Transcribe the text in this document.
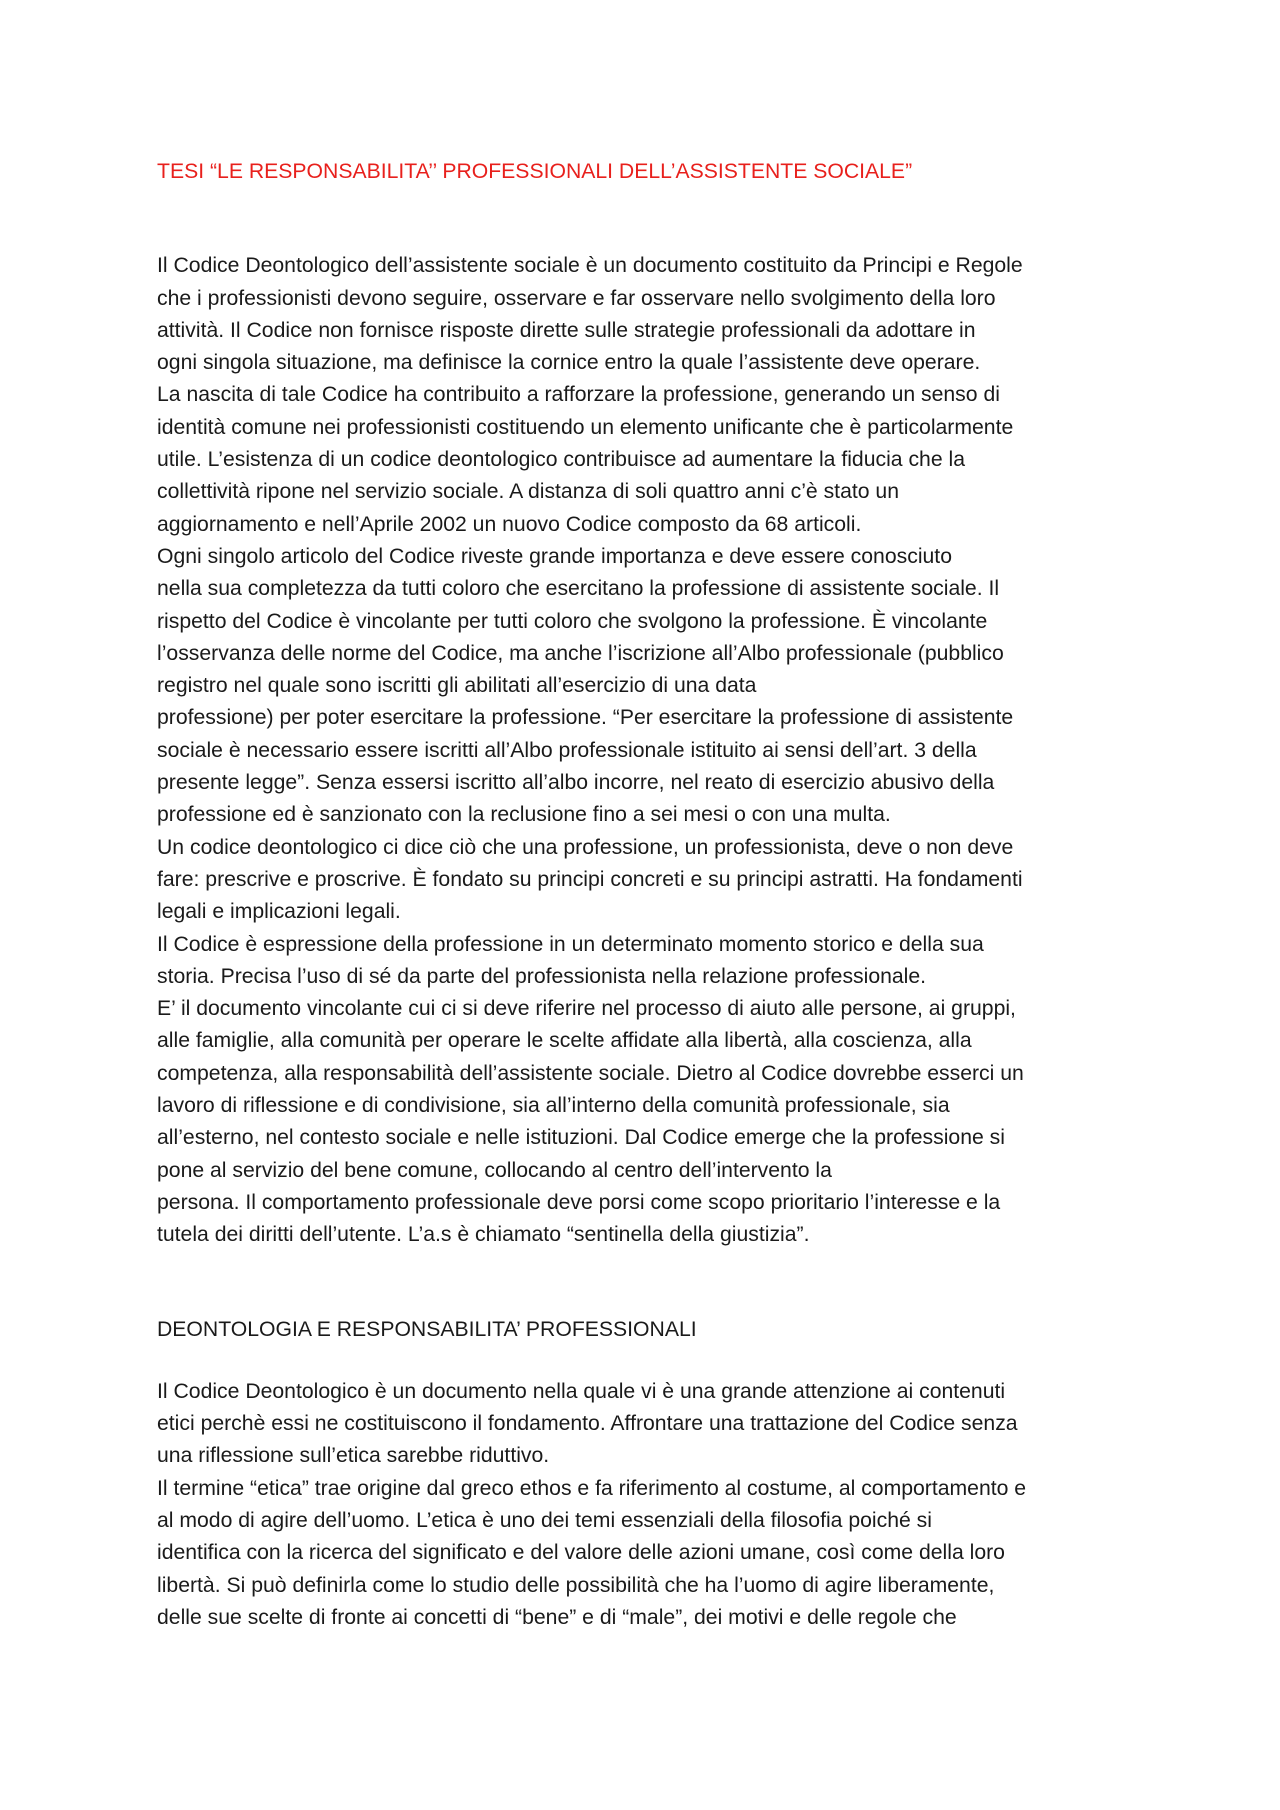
TESI “LE RESPONSABILITA’’ PROFESSIONALI DELL’ASSISTENTE SOCIALE”
Il Codice Deontologico dell’assistente sociale è un documento costituito da Principi e Regole
che i professionisti devono seguire, osservare e far osservare nello svolgimento della loro
attività. Il Codice non fornisce risposte dirette sulle strategie professionali da adottare in
ogni singola situazione, ma definisce la cornice entro la quale l’assistente deve operare.
La nascita di tale Codice ha contribuito a rafforzare la professione, generando un senso di
identità comune nei professionisti costituendo un elemento unificante che è particolarmente
utile. L’esistenza di un codice deontologico contribuisce ad aumentare la fiducia che la
collettività ripone nel servizio sociale. A distanza di soli quattro anni c’è stato un
aggiornamento e nell’Aprile 2002 un nuovo Codice composto da 68 articoli.
Ogni singolo articolo del Codice riveste grande importanza e deve essere conosciuto
nella sua completezza da tutti coloro che esercitano la professione di assistente sociale. Il
rispetto del Codice è vincolante per tutti coloro che svolgono la professione. È vincolante
l’osservanza delle norme del Codice, ma anche l’iscrizione all’Albo professionale (pubblico
registro nel quale sono iscritti gli abilitati all’esercizio di una data
professione) per poter esercitare la professione. “Per esercitare la professione di assistente
sociale è necessario essere iscritti all’Albo professionale istituito ai sensi dell’art. 3 della
presente legge”. Senza essersi iscritto all’albo incorre, nel reato di esercizio abusivo della
professione ed è sanzionato con la reclusione fino a sei mesi o con una multa.
Un codice deontologico ci dice ciò che una professione, un professionista, deve o non deve
fare: prescrive e proscrive. È fondato su principi concreti e su principi astratti. Ha fondamenti
legali e implicazioni legali.
Il Codice è espressione della professione in un determinato momento storico e della sua
storia. Precisa l’uso di sé da parte del professionista nella relazione professionale.
E’ il documento vincolante cui ci si deve riferire nel processo di aiuto alle persone, ai gruppi,
alle famiglie, alla comunità per operare le scelte affidate alla libertà, alla coscienza, alla
competenza, alla responsabilità dell’assistente sociale. Dietro al Codice dovrebbe esserci un
lavoro di riflessione e di condivisione, sia all’interno della comunità professionale, sia
all’esterno, nel contesto sociale e nelle istituzioni. Dal Codice emerge che la professione si
pone al servizio del bene comune, collocando al centro dell’intervento la
persona. Il comportamento professionale deve porsi come scopo prioritario l’interesse e la
tutela dei diritti dell’utente. L’a.s è chiamato “sentinella della giustizia”.
DEONTOLOGIA E RESPONSABILITA’ PROFESSIONALI
Il Codice Deontologico è un documento nella quale vi è una grande attenzione ai contenuti
etici perchè essi ne costituiscono il fondamento. Affrontare una trattazione del Codice senza
una riflessione sull’etica sarebbe riduttivo.
Il termine “etica” trae origine dal greco ethos e fa riferimento al costume, al comportamento e
al modo di agire dell’uomo. L’etica è uno dei temi essenziali della filosofia poiché si
identifica con la ricerca del significato e del valore delle azioni umane, così come della loro
libertà. Si può definirla come lo studio delle possibilità che ha l’uomo di agire liberamente,
delle sue scelte di fronte ai concetti di “bene” e di “male”, dei motivi e delle regole che
